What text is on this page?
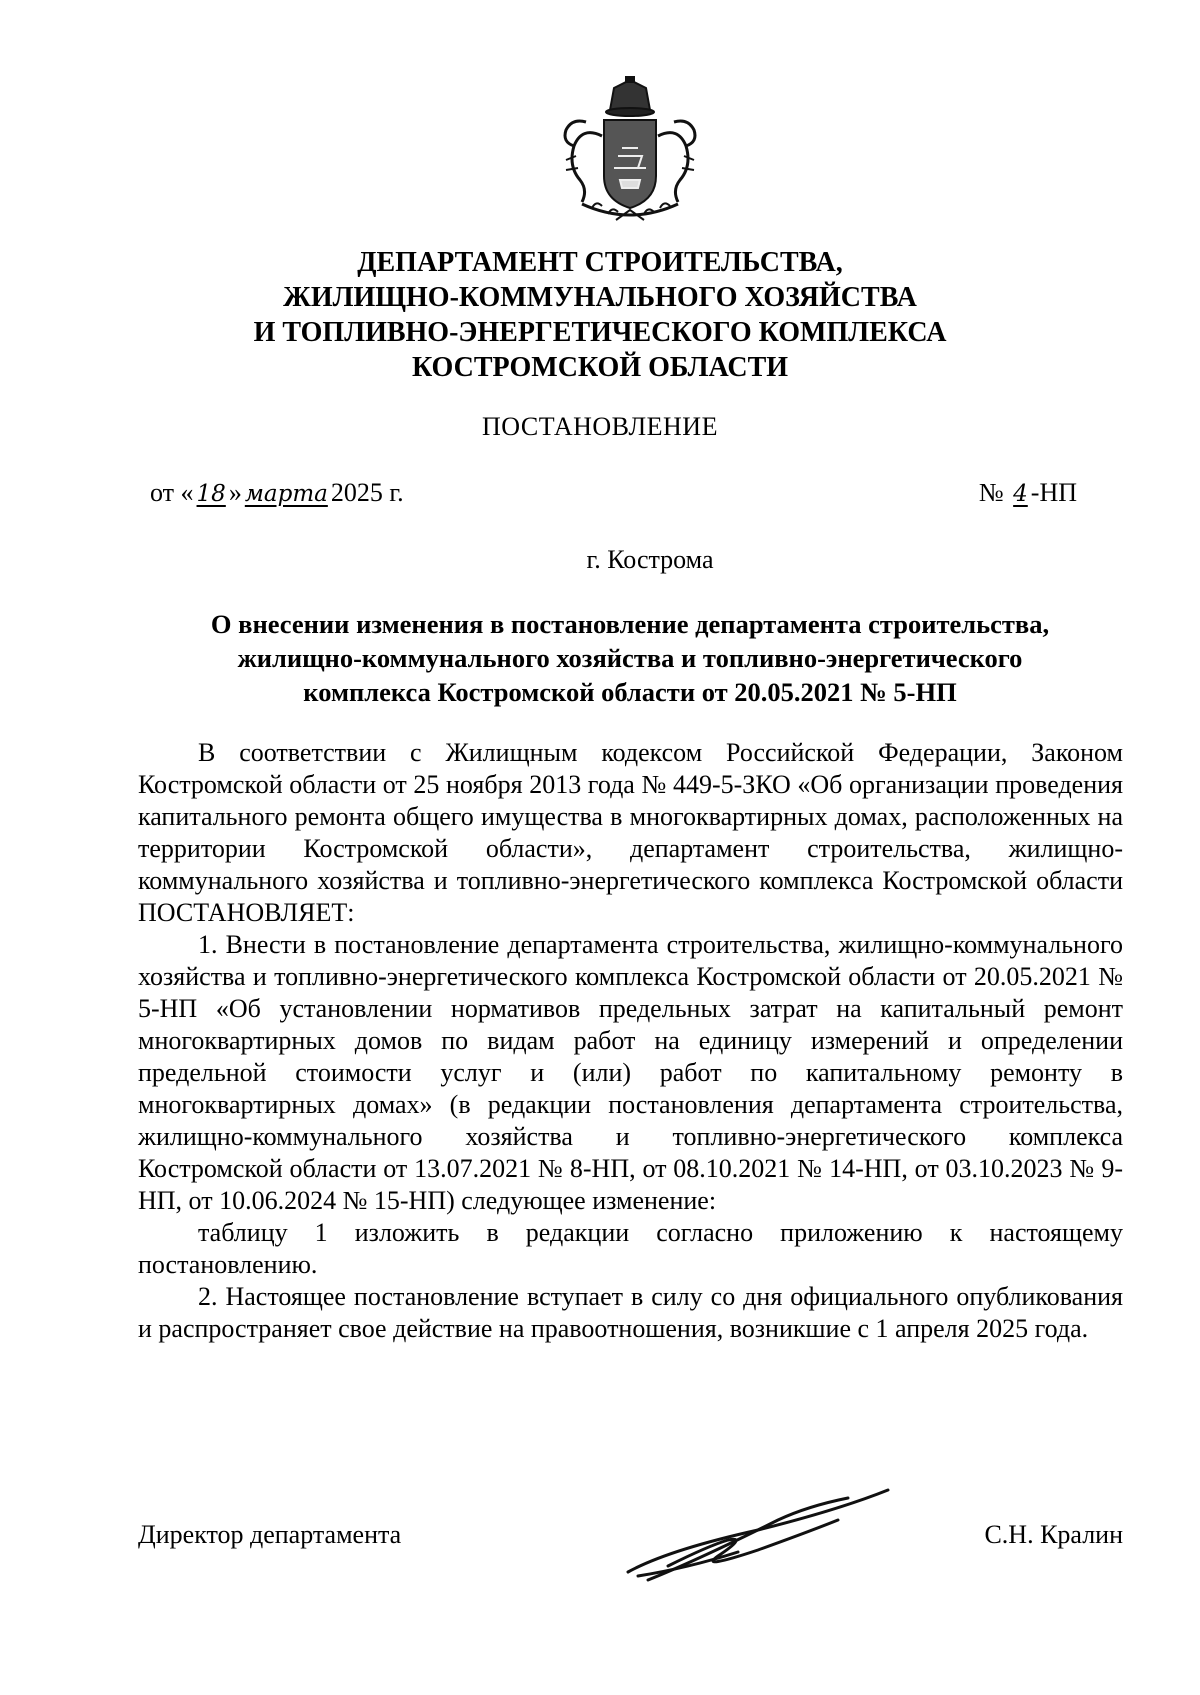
ДЕПАРТАМЕНТ СТРОИТЕЛЬСТВА,
ЖИЛИЩНО-КОММУНАЛЬНОГО ХОЗЯЙСТВА
И ТОПЛИВНО-ЭНЕРГЕТИЧЕСКОГО КОМПЛЕКСА
КОСТРОМСКОЙ ОБЛАСТИ
ПОСТАНОВЛЕНИЕ
от « 18 » марта 2025 г.	№ 4 -НП
г. Кострома
О внесении изменения в постановление департамента строительства,
жилищно-коммунального хозяйства и топливно-энергетического
комплекса Костромской области от 20.05.2021 № 5-НП

В соответствии с Жилищным кодексом Российской Федерации, Законом Костромской области от 25 ноября 2013 года № 449-5-ЗКО «Об организации проведения капитального ремонта общего имущества в многоквартирных домах, расположенных на территории Костромской области», департамент строительства, жилищно-коммунального хозяйства и топливно-энергетического комплекса Костромской области ПОСТАНОВЛЯЕТ:

1. Внести в постановление департамента строительства, жилищно-коммунального хозяйства и топливно-энергетического комплекса Костромской области от 20.05.2021 № 5-НП «Об установлении нормативов предельных затрат на капитальный ремонт многоквартирных домов по видам работ на единицу измерений и определении предельной стоимости услуг и (или) работ по капитальному ремонту в многоквартирных домах» (в редакции постановления департамента строительства, жилищно-коммунального хозяйства и топливно-энергетического комплекса Костромской области от 13.07.2021 № 8-НП, от 08.10.2021 № 14-НП, от 03.10.2023 № 9-НП, от 10.06.2024 № 15-НП) следующее изменение:

таблицу 1 изложить в редакции согласно приложению к настоящему постановлению.

2. Настоящее постановление вступает в силу со дня официального опубликования и распространяет свое действие на правоотношения, возникшие с 1 апреля 2025 года.

Директор департамента	С.Н. Кралин
